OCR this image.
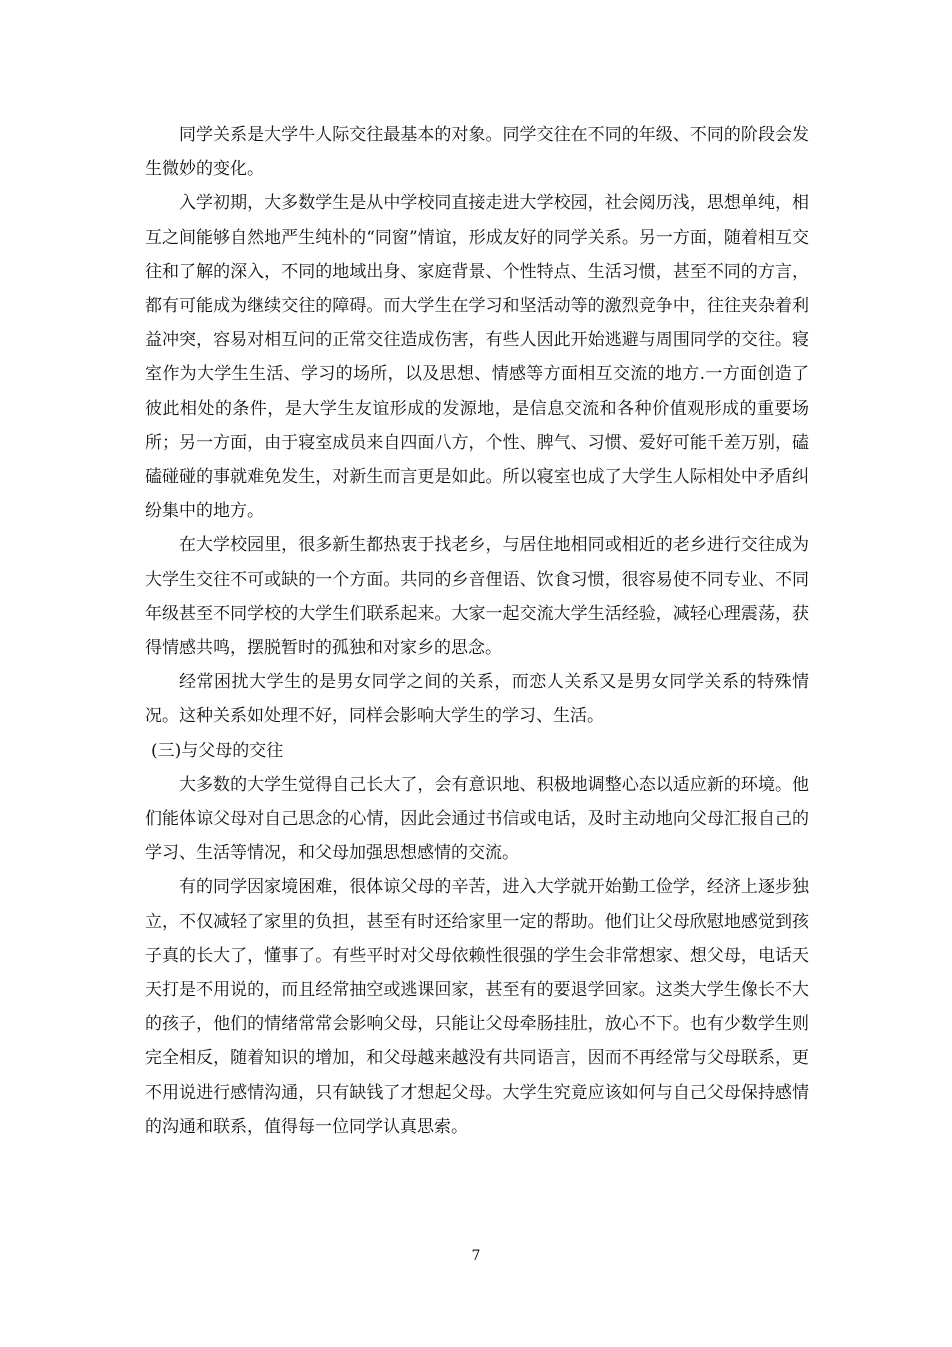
同学关系是大学牛人际交往最基本的对象。同学交往在不同的年级、不同的阶段会发生微妙的变化。

入学初期，大多数学生是从中学校同直接走进大学校园，社会阅历浅，思想单纯，相互之间能够自然地严生纯朴的“同窗”情谊，形成友好的同学关系。另一方面，随着相互交往和了解的深入，不同的地域出身、家庭背景、个性特点、生活习惯，甚至不同的方言，都有可能成为继续交往的障碍。而大学生在学习和坚活动等的激烈竞争中，往往夹杂着利益冲突，容易对相互问的正常交往造成伤害，有些人因此开始逃避与周围同学的交往。寝室作为大学生生活、学习的场所，以及思想、情感等方面相互交流的地方.一方面创造了彼此相处的条件，是大学生友谊形成的发源地，是信息交流和各种价值观形成的重要场所；另一方面，由于寝室成员来自四面八方，个性、脾气、习惯、爱好可能千差万别，磕磕碰碰的事就难免发生，对新生而言更是如此。所以寝室也成了大学生人际相处中矛盾纠纷集中的地方。

在大学校园里，很多新生都热衷于找老乡，与居住地相同或相近的老乡进行交往成为大学生交往不可或缺的一个方面。共同的乡音俚语、饮食习惯，很容易使不同专业、不同年级甚至不同学校的大学生们联系起来。大家一起交流大学生活经验，减轻心理震荡，获得情感共鸣，摆脱暂时的孤独和对家乡的思念。

经常困扰大学生的是男女同学之间的关系，而恋人关系又是男女同学关系的特殊情况。这种关系如处理不好，同样会影响大学生的学习、生活。

(三)与父母的交往

大多数的大学生觉得自己长大了，会有意识地、积极地调整心态以适应新的环境。他们能体谅父母对自己思念的心情，因此会通过书信或电话，及时主动地向父母汇报自己的学习、生活等情况，和父母加强思想感情的交流。

有的同学因家境困难，很体谅父母的辛苦，进入大学就开始勤工俭学，经济上逐步独立，不仅减轻了家里的负担，甚至有时还给家里一定的帮助。他们让父母欣慰地感觉到孩子真的长大了，懂事了。有些平时对父母依赖性很强的学生会非常想家、想父母，电话天天打是不用说的，而且经常抽空或逃课回家，甚至有的要退学回家。这类大学生像长不大的孩子，他们的情绪常常会影响父母，只能让父母牵肠挂肚，放心不下。也有少数学生则完全相反，随着知识的增加，和父母越来越没有共同语言，因而不再经常与父母联系，更不用说进行感情沟通，只有缺钱了才想起父母。大学生究竟应该如何与自己父母保持感情的沟通和联系，值得每一位同学认真思索。

7
